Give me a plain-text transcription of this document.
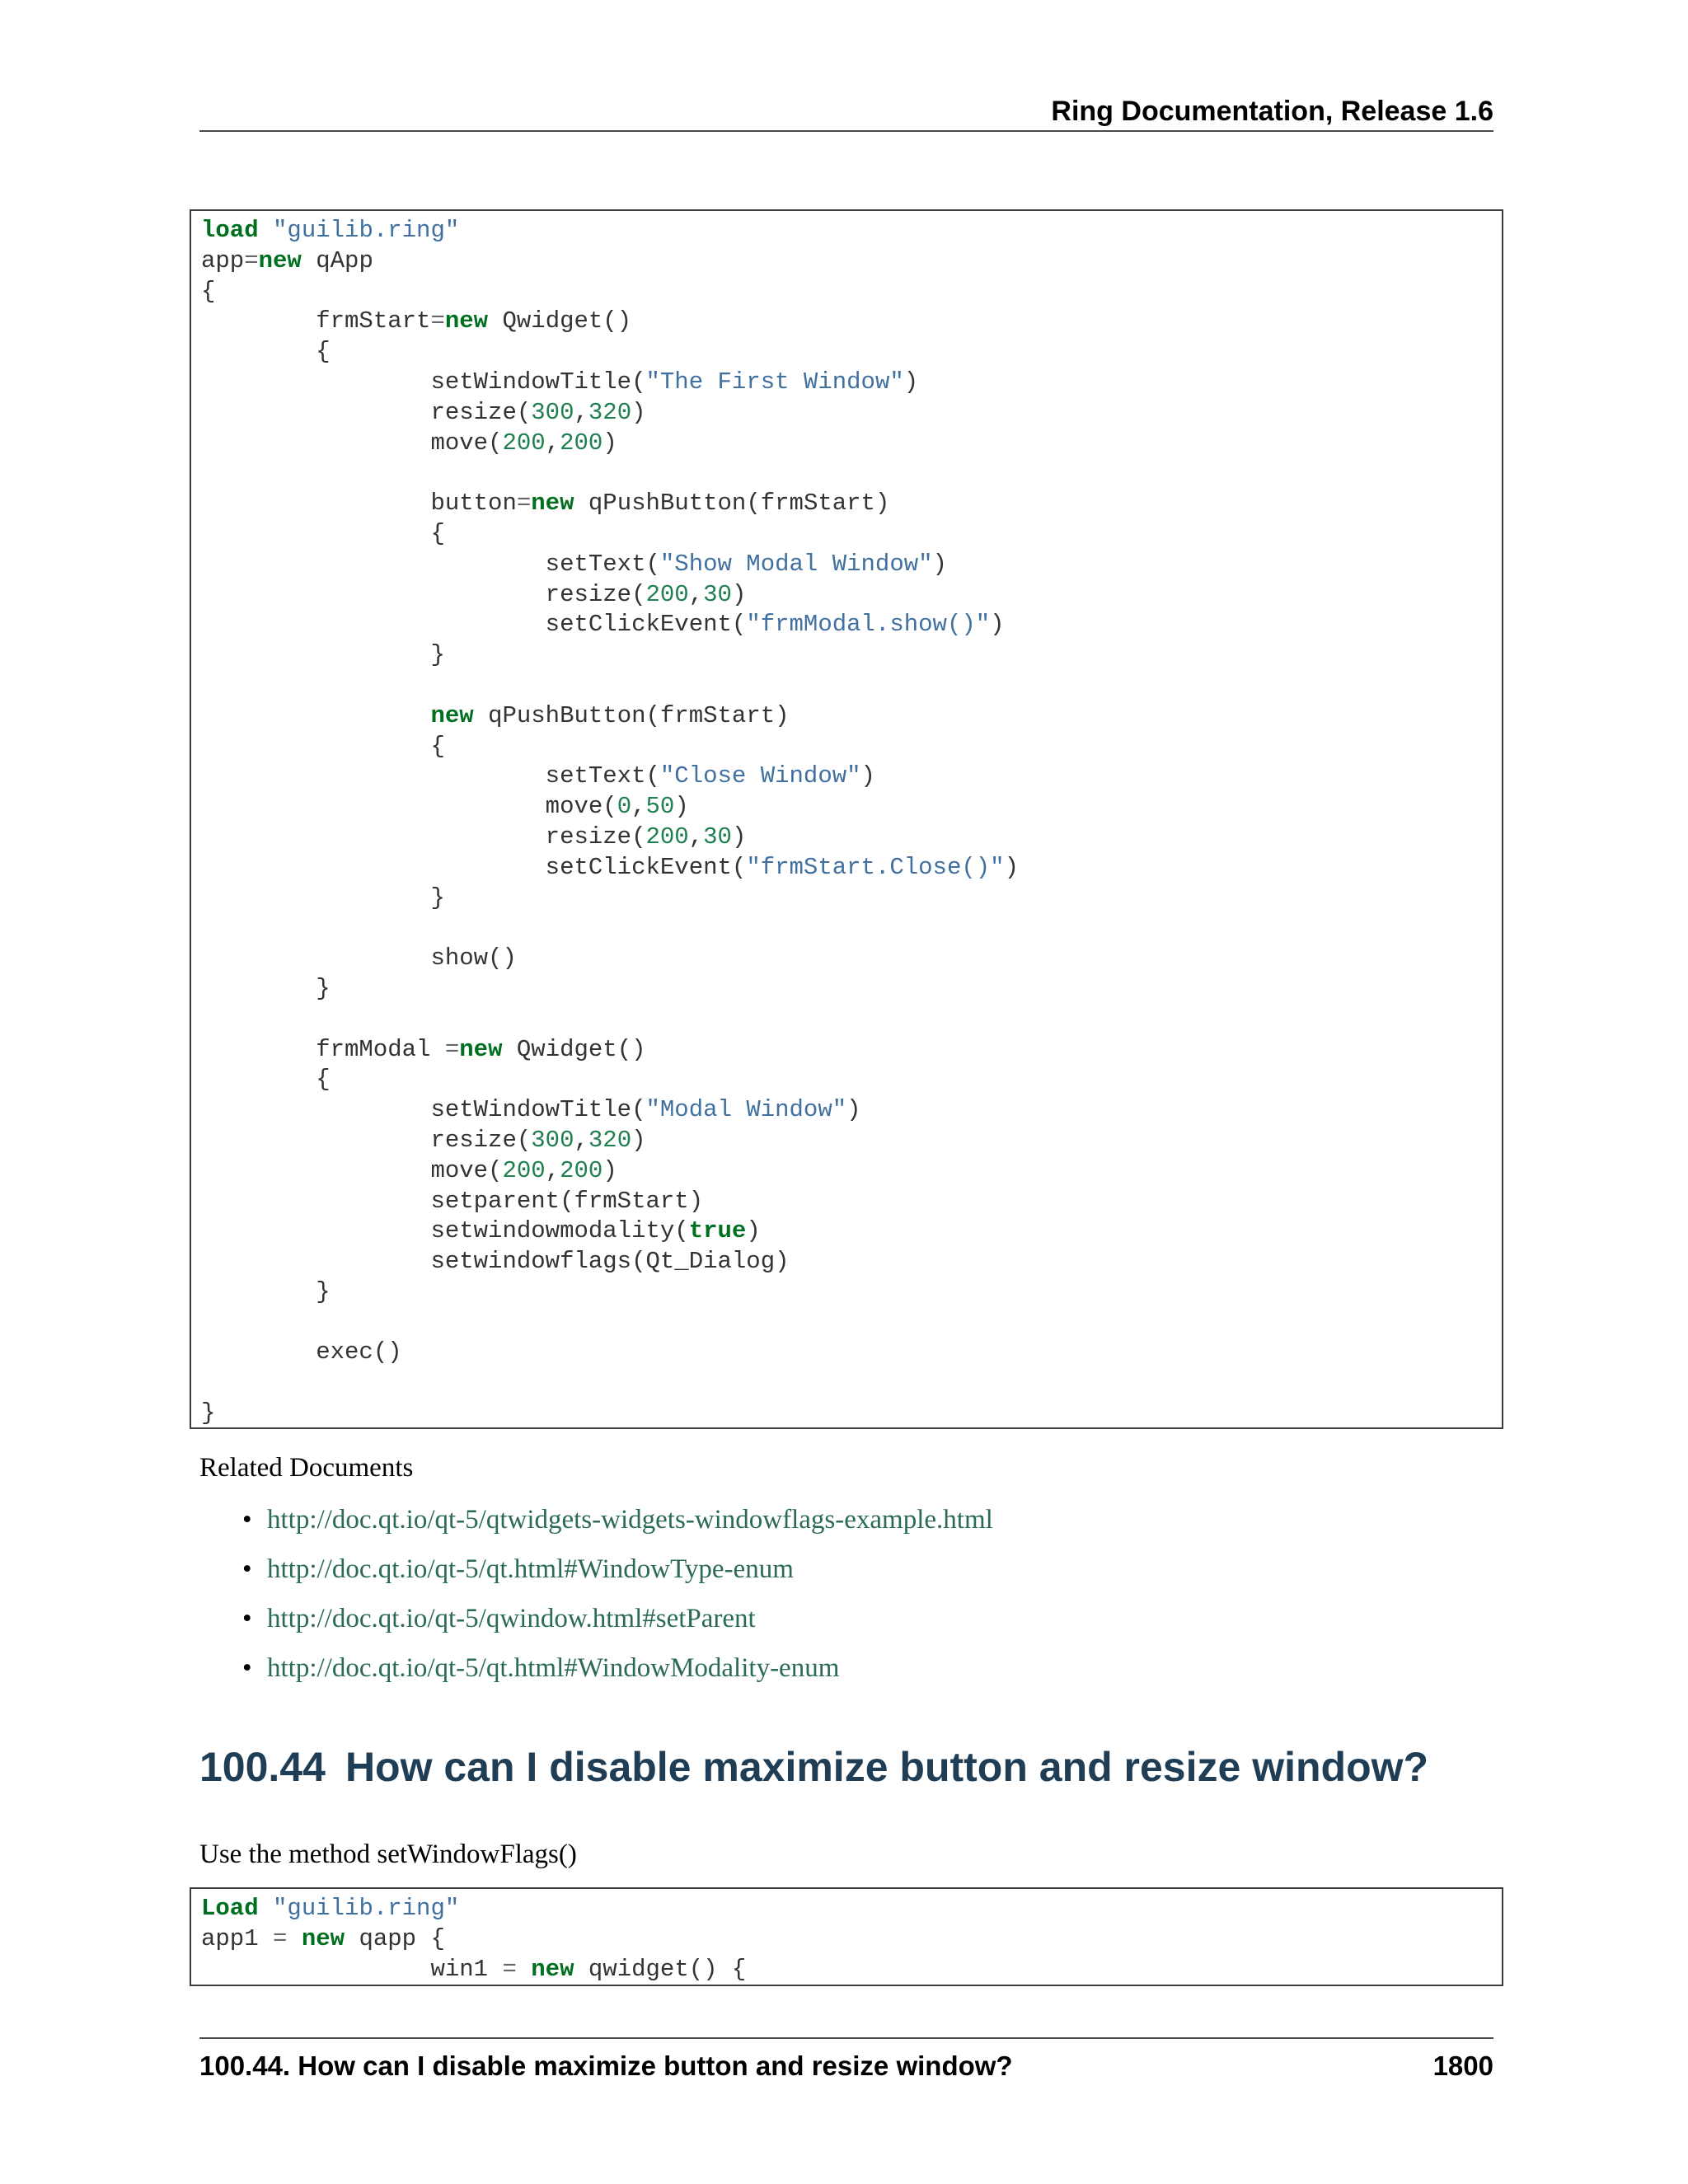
Ring Documentation, Release 1.6
load "guilib.ring"
app=new qApp
{
frmStart=new Qwidget()
{
setWindowTitle("The First Window")
resize(300,320)
move(200,200)
button=new qPushButton(frmStart)
{
setText("Show Modal Window")
resize(200,30)
setClickEvent("frmModal.show()")
}
new qPushButton(frmStart)
{
setText("Close Window")
move(0,50)
resize(200,30)
setClickEvent("frmStart.Close()")
}
show()
}
frmModal =new Qwidget()
{
setWindowTitle("Modal Window")
resize(300,320)
move(200,200)
setparent(frmStart)
setwindowmodality(true)
setwindowflags(Qt_Dialog)
}
exec()
}
Related Documents
• http://doc.qt.io/qt-5/qtwidgets-widgets-windowflags-example.html
• http://doc.qt.io/qt-5/qt.html#WindowType-enum
• http://doc.qt.io/qt-5/qwindow.html#setParent
• http://doc.qt.io/qt-5/qt.html#WindowModality-enum
100.44 How can I disable maximize button and resize window?
Use the method setWindowFlags()
Load "guilib.ring"
app1 = new qapp {
win1 = new qwidget() {
100.44. How can I disable maximize button and resize window?	1800
